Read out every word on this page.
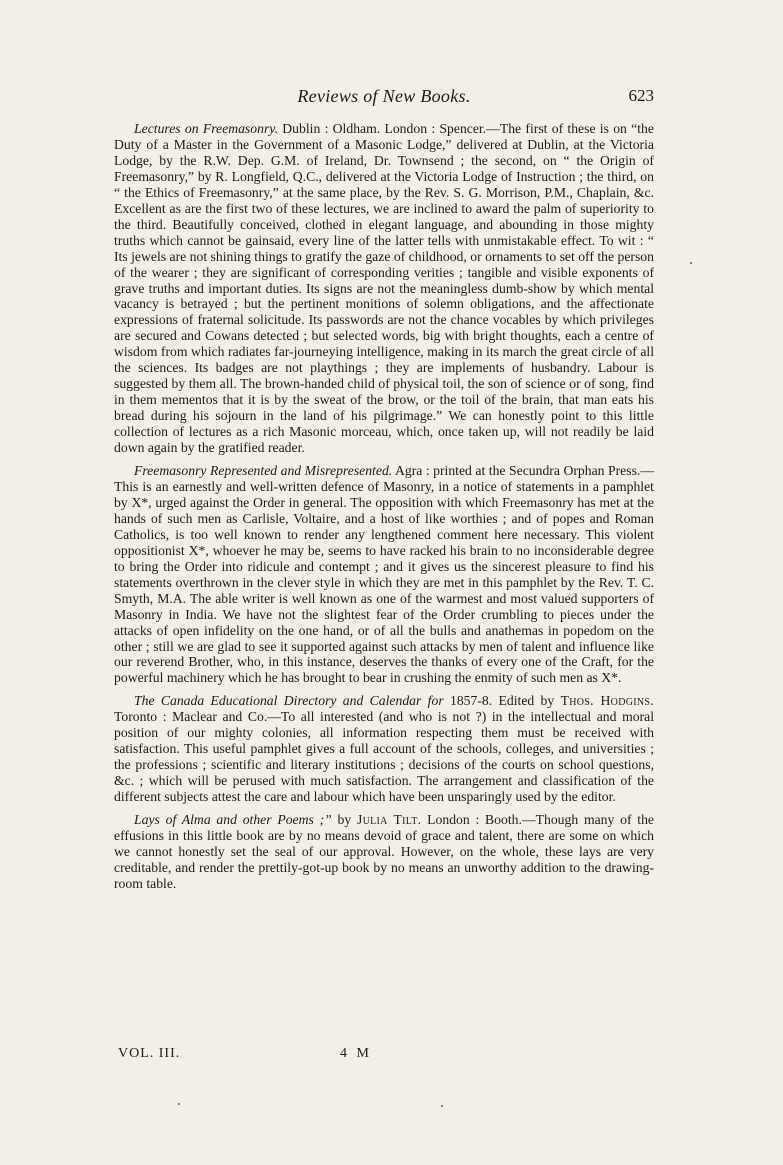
Reviews of New Books.	623

Lectures on Freemasonry. Dublin : Oldham. London : Spencer.—The first of these is on “the Duty of a Master in the Government of a Masonic Lodge,” delivered at Dublin, at the Victoria Lodge, by the R.W. Dep. G.M. of Ireland, Dr. Townsend ; the second, on “ the Origin of Freemasonry,” by R. Longfield, Q.C., delivered at the Victoria Lodge of Instruction ; the third, on “ the Ethics of Freemasonry,” at the same place, by the Rev. S. G. Morrison, P.M., Chaplain, &c. Excellent as are the first two of these lectures, we are inclined to award the palm of superiority to the third. Beautifully conceived, clothed in elegant language, and abounding in those mighty truths which cannot be gainsaid, every line of the latter tells with unmistakable effect. To wit : “ Its jewels are not shining things to gratify the gaze of childhood, or ornaments to set off the person of the wearer ; they are significant of corresponding verities ; tangible and visible exponents of grave truths and important duties. Its signs are not the meaningless dumb-show by which mental vacancy is betrayed ; but the pertinent monitions of solemn obligations, and the affectionate expressions of fraternal solicitude. Its passwords are not the chance vocables by which privileges are secured and Cowans detected ; but selected words, big with bright thoughts, each a centre of wisdom from which radiates far-journeying intelligence, making in its march the great circle of all the sciences. Its badges are not playthings ; they are implements of husbandry. Labour is suggested by them all. The brown-handed child of physical toil, the son of science or of song, find in them mementos that it is by the sweat of the brow, or the toil of the brain, that man eats his bread during his sojourn in the land of his pilgrimage.” We can honestly point to this little collection of lectures as a rich Masonic morceau, which, once taken up, will not readily be laid down again by the gratified reader.

Freemasonry Represented and Misrepresented. Agra : printed at the Secundra Orphan Press.—This is an earnestly and well-written defence of Masonry, in a notice of statements in a pamphlet by X*, urged against the Order in general. The opposition with which Freemasonry has met at the hands of such men as Carlisle, Voltaire, and a host of like worthies ; and of popes and Roman Catholics, is too well known to render any lengthened comment here necessary. This violent oppositionist X*, whoever he may be, seems to have racked his brain to no inconsiderable degree to bring the Order into ridicule and contempt ; and it gives us the sincerest pleasure to find his statements overthrown in the clever style in which they are met in this pamphlet by the Rev. T. C. Smyth, M.A. The able writer is well known as one of the warmest and most valued supporters of Masonry in India. We have not the slightest fear of the Order crumbling to pieces under the attacks of open infidelity on the one hand, or of all the bulls and anathemas in popedom on the other ; still we are glad to see it supported against such attacks by men of talent and influence like our reverend Brother, who, in this instance, deserves the thanks of every one of the Craft, for the powerful machinery which he has brought to bear in crushing the enmity of such men as X*.

The Canada Educational Directory and Calendar for 1857-8. Edited by Thos. Hodgins. Toronto : Maclear and Co.—To all interested (and who is not ?) in the intellectual and moral position of our mighty colonies, all information respecting them must be received with satisfaction. This useful pamphlet gives a full account of the schools, colleges, and universities ; the professions ; scientific and literary institutions ; decisions of the courts on school questions, &c. ; which will be perused with much satisfaction. The arrangement and classification of the different subjects attest the care and labour which have been unsparingly used by the editor.

Lays of Alma and other Poems ;” by Julia Tilt. London : Booth.—Though many of the effusions in this little book are by no means devoid of grace and talent, there are some on which we cannot honestly set the seal of our approval. However, on the whole, these lays are very creditable, and render the prettily-got-up book by no means an unworthy addition to the drawing-room table.

VOL. III.	4 M
